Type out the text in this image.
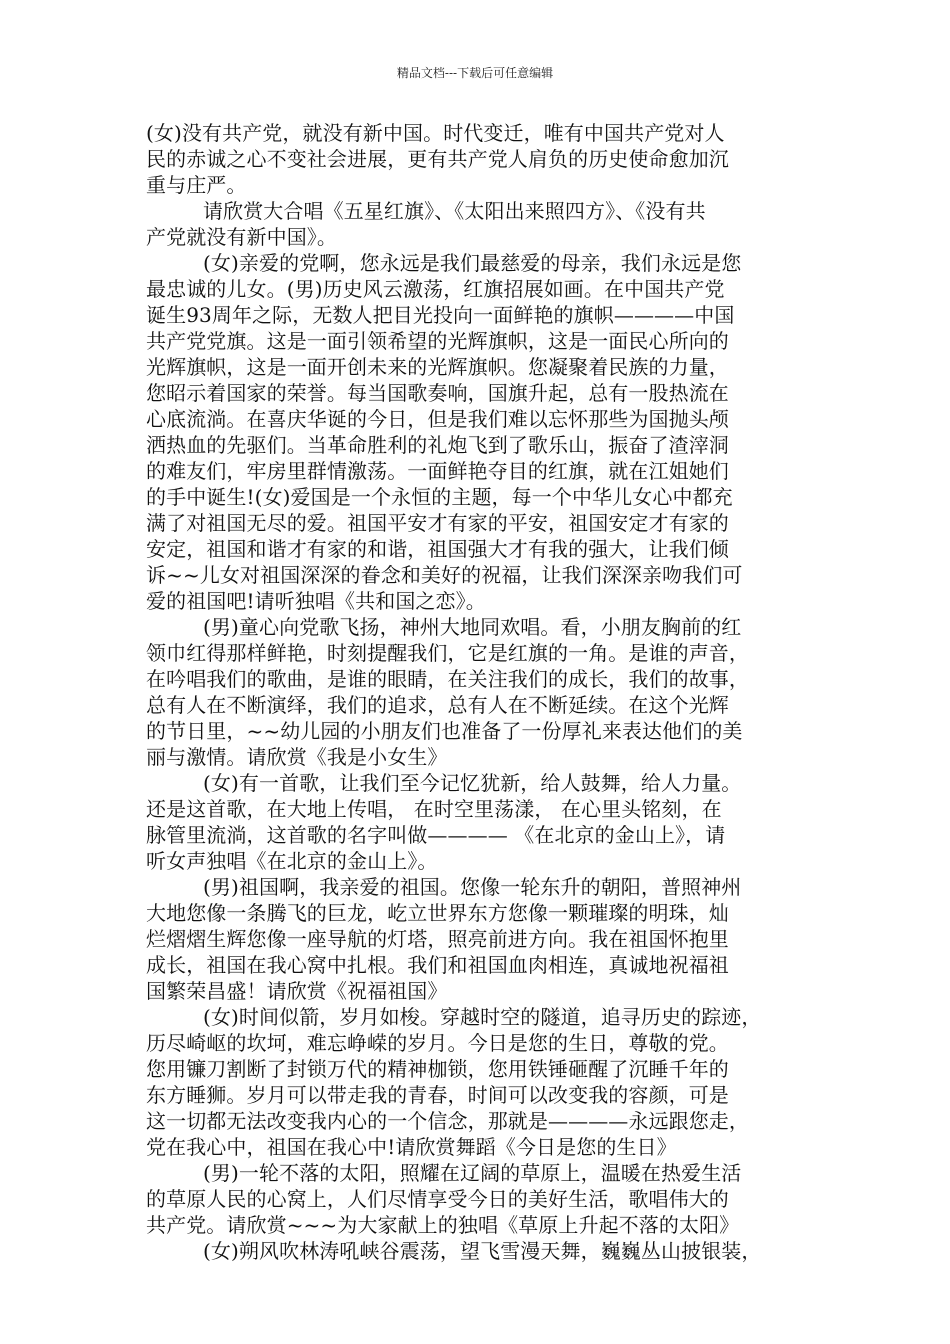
精品文档---下载后可任意编辑
(女)没有共产党，就没有新中国。时代变迁，唯有中国共产党对人
民的赤诚之心不变社会进展，更有共产党人肩负的历史使命愈加沉
重与庄严。
请欣赏大合唱《五星红旗》、《太阳出来照四方》、《没有共
产党就没有新中国》。
(女)亲爱的党啊，您永远是我们最慈爱的母亲，我们永远是您
最忠诚的儿女。(男)历史风云激荡，红旗招展如画。在中国共产党
诞生93周年之际，无数人把目光投向一面鲜艳的旗帜————中国
共产党党旗。这是一面引领希望的光辉旗帜，这是一面民心所向的
光辉旗帜，这是一面开创未来的光辉旗帜。您凝聚着民族的力量，
您昭示着国家的荣誉。每当国歌奏响，国旗升起，总有一股热流在
心底流淌。在喜庆华诞的今日，但是我们难以忘怀那些为国抛头颅
洒热血的先驱们。当革命胜利的礼炮飞到了歌乐山，振奋了渣滓洞
的难友们，牢房里群情激荡。一面鲜艳夺目的红旗，就在江姐她们
的手中诞生!(女)爱国是一个永恒的主题，每一个中华儿女心中都充
满了对祖国无尽的爱。祖国平安才有家的平安，祖国安定才有家的
安定，祖国和谐才有家的和谐，祖国强大才有我的强大，让我们倾
诉~~儿女对祖国深深的眷念和美好的祝福，让我们深深亲吻我们可
爱的祖国吧!请听独唱《共和国之恋》。
(男)童心向党歌飞扬，神州大地同欢唱。看，小朋友胸前的红
领巾红得那样鲜艳，时刻提醒我们，它是红旗的一角。是谁的声音，
在吟唱我们的歌曲，是谁的眼睛，在关注我们的成长，我们的故事，
总有人在不断演绎，我们的追求，总有人在不断延续。在这个光辉
的节日里，~~幼儿园的小朋友们也准备了一份厚礼来表达他们的美
丽与激情。请欣赏《我是小女生》
(女)有一首歌，让我们至今记忆犹新，给人鼓舞，给人力量。
还是这首歌，在大地上传唱， 在时空里荡漾， 在心里头铭刻，在
脉管里流淌，这首歌的名字叫做———— 《在北京的金山上》，请
听女声独唱《在北京的金山上》。
(男)祖国啊，我亲爱的祖国。您像一轮东升的朝阳，普照神州
大地您像一条腾飞的巨龙，屹立世界东方您像一颗璀璨的明珠，灿
烂熠熠生辉您像一座导航的灯塔，照亮前进方向。我在祖国怀抱里
成长，祖国在我心窝中扎根。我们和祖国血肉相连，真诚地祝福祖
国繁荣昌盛！请欣赏《祝福祖国》
(女)时间似箭，岁月如梭。穿越时空的隧道，追寻历史的踪迹，
历尽崎岖的坎坷，难忘峥嵘的岁月。今日是您的生日，尊敬的党。
您用镰刀割断了封锁万代的精神枷锁，您用铁锤砸醒了沉睡千年的
东方睡狮。岁月可以带走我的青春，时间可以改变我的容颜，可是
这一切都无法改变我内心的一个信念，那就是————永远跟您走，
党在我心中，祖国在我心中!请欣赏舞蹈《今日是您的生日》
(男)一轮不落的太阳，照耀在辽阔的草原上，温暖在热爱生活
的草原人民的心窝上，人们尽情享受今日的美好生活，歌唱伟大的
共产党。请欣赏~~~为大家献上的独唱《草原上升起不落的太阳》
(女)朔风吹林涛吼峡谷震荡，望飞雪漫天舞，巍巍丛山披银装，
